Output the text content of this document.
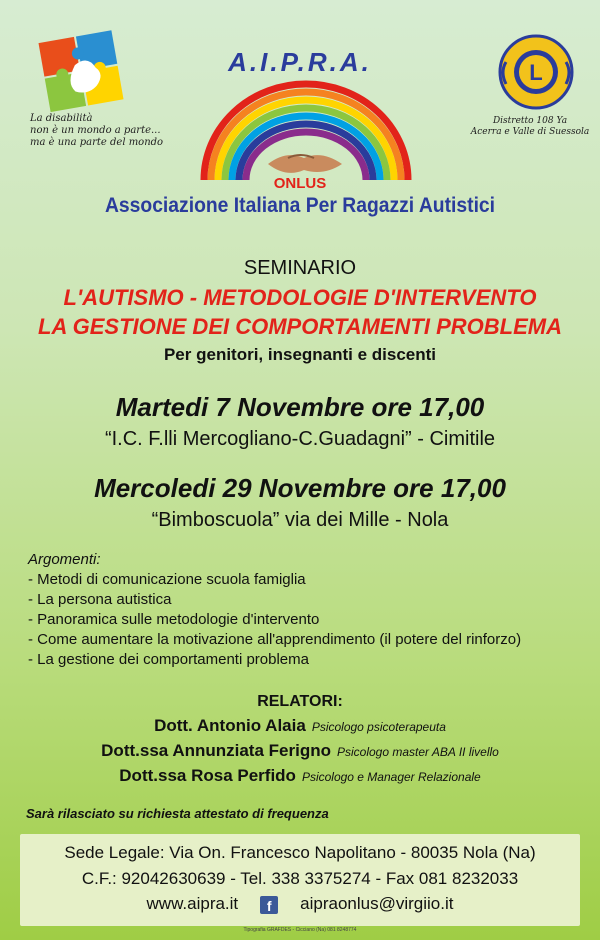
La disabilità
non è un mondo a parte...
ma è una parte del mondo
A.I.P.R.A.
ONLUS
Associazione Italiana Per Ragazzi Autistici
L
Distretto 108 Ya
Acerra e Valle di Suessola
SEMINARIO
L'AUTISMO - METODOLOGIE D'INTERVENTO
LA GESTIONE DEI COMPORTAMENTI PROBLEMA
Per genitori, insegnanti e discenti
Martedi 7 Novembre ore 17,00
“I.C. F.lli Mercogliano-C.Guadagni” - Cimitile
Mercoledi 29 Novembre ore 17,00
“Bimboscuola” via dei Mille - Nola
Argomenti:
- Metodi di comunicazione scuola famiglia
- La persona autistica
- Panoramica sulle metodologie d'intervento
- Come aumentare la motivazione all'apprendimento (il potere del rinforzo)
- La gestione dei comportamenti problema
RELATORI:
Dott. Antonio Alaia Psicologo psicoterapeuta
Dott.ssa Annunziata Ferigno Psicologo master ABA II livello
Dott.ssa Rosa Perfido Psicologo e Manager Relazionale
Sarà rilasciato su richiesta attestato di frequenza
Sede Legale: Via On. Francesco Napolitano - 80035 Nola (Na)
C.F.: 92042630639 - Tel. 338 3375274 - Fax 081 8232033
www.aipra.it f aipraonlus@virgiio.it
Tipografia GRAFDES - Cicciano (Na) 081 8248774
